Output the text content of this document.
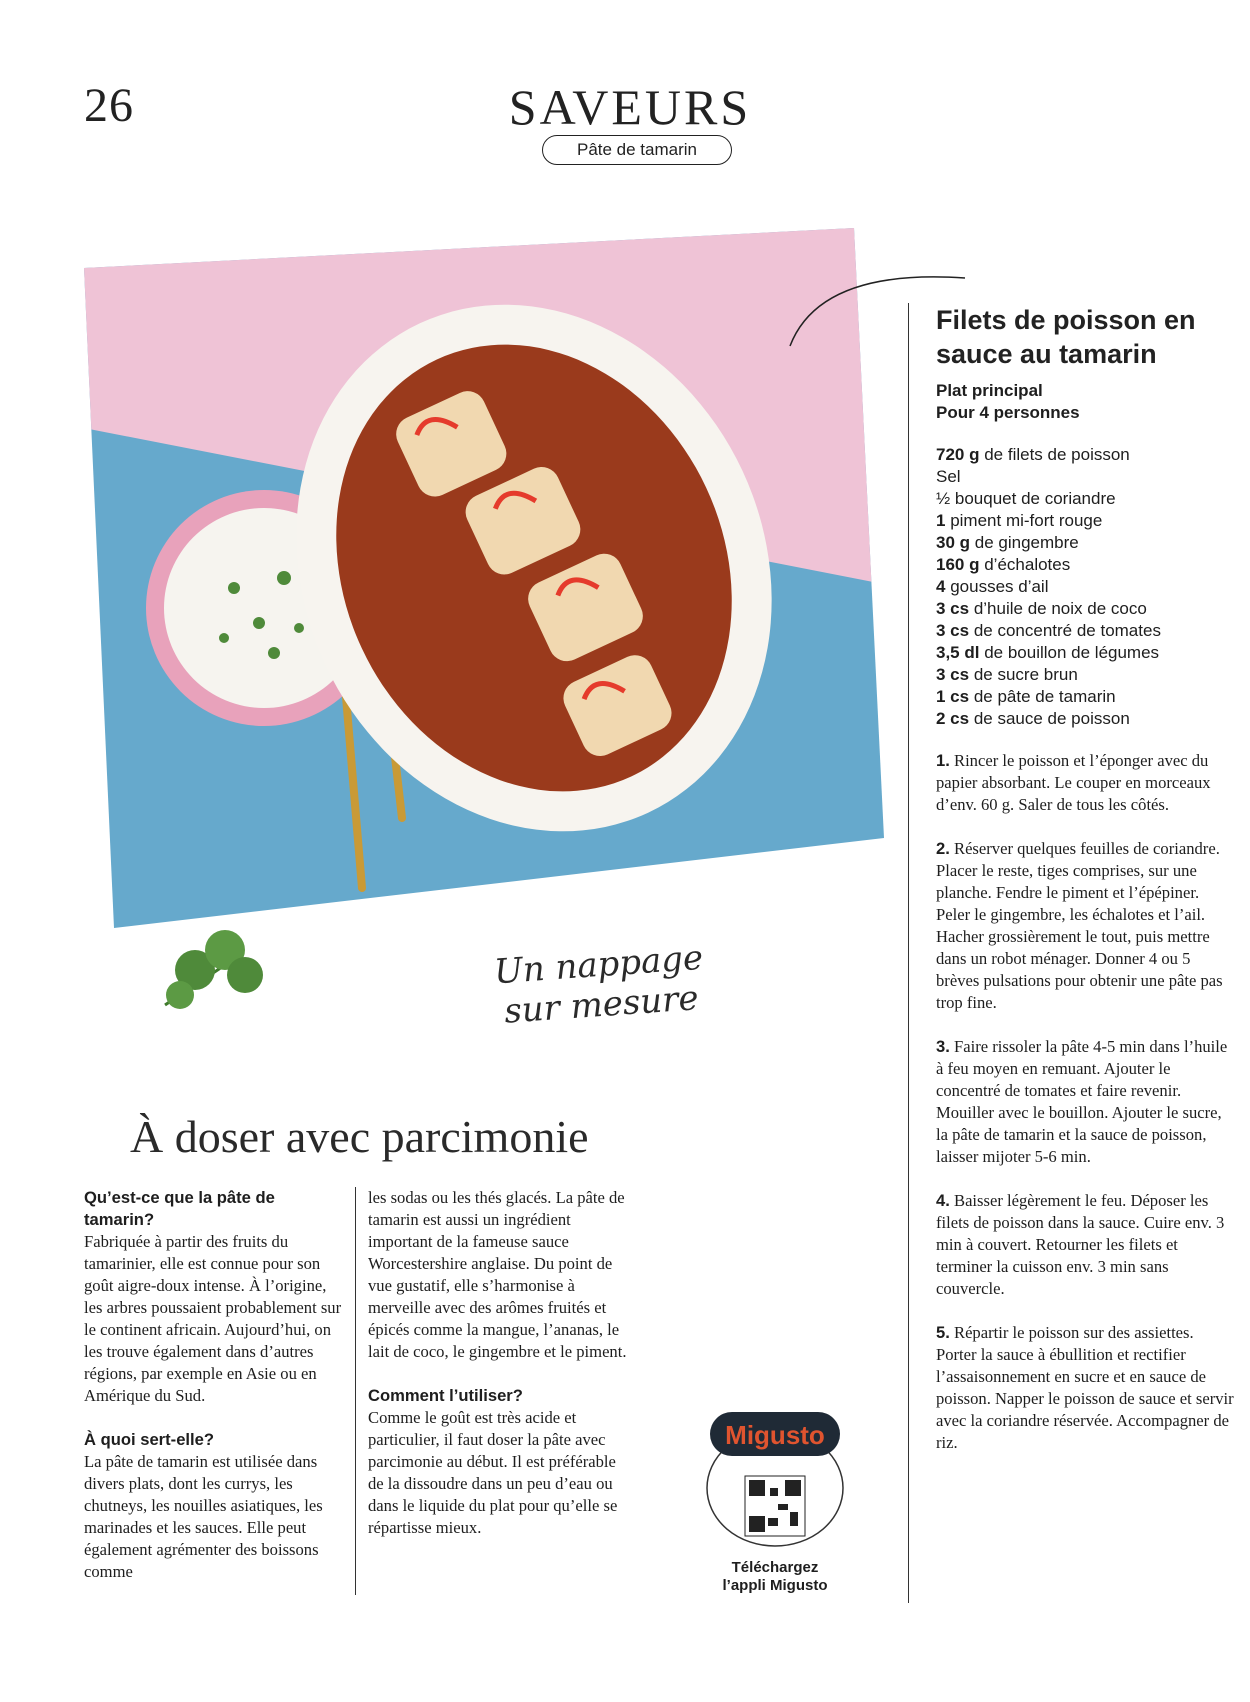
26	SAVEURS
Pâte de tamarin
Un nappage
sur mesure
Filets de poisson en sauce au tamarin
Plat principal
Pour 4 personnes
720 g de filets de poisson
Sel
½ bouquet de coriandre
1 piment mi-fort rouge
30 g de gingembre
160 g d’échalotes
4 gousses d’ail
3 cs d’huile de noix de coco
3 cs de concentré de tomates
3,5 dl de bouillon de légumes
3 cs de sucre brun
1 cs de pâte de tamarin
2 cs de sauce de poisson

1. Rincer le poisson et l’éponger avec du papier absorbant. Le couper en morceaux d’env. 60 g. Saler de tous les côtés.

2. Réserver quelques feuilles de coriandre. Placer le reste, tiges comprises, sur une planche. Fendre le piment et l’épépiner. Peler le gingembre, les échalotes et l’ail. Hacher grossièrement le tout, puis mettre dans un robot ménager. Donner 4 ou 5 brèves pulsations pour obtenir une pâte pas trop fine.

3. Faire rissoler la pâte 4-5 min dans l’huile à feu moyen en remuant. Ajouter le concentré de tomates et faire revenir. Mouiller avec le bouillon. Ajouter le sucre, la pâte de tamarin et la sauce de poisson, laisser mijoter 5-6 min.

4. Baisser légèrement le feu. Déposer les filets de poisson dans la sauce. Cuire env. 3 min à couvert. Retourner les filets et terminer la cuisson env. 3 min sans couvercle.

5. Répartir le poisson sur des assiettes. Porter la sauce à ébullition et rectifier l’assaisonnement en sucre et en sauce de poisson. Napper le poisson de sauce et servir avec la coriandre réservée. Accompagner de riz.

À doser avec parcimonie
Qu’est-ce que la pâte de tamarin?

Fabriquée à partir des fruits du tamarinier, elle est connue pour son goût aigre-doux intense. À l’origine, les arbres poussaient probablement sur le continent africain. Aujourd’hui, on les trouve également dans d’autres régions, par exemple en Asie ou en Amérique du Sud.

À quoi sert-elle?

La pâte de tamarin est utilisée dans divers plats, dont les currys, les chutneys, les nouilles asiatiques, les marinades et les sauces. Elle peut également agrémenter des boissons comme

les sodas ou les thés glacés. La pâte de tamarin est aussi un ingrédient important de la fameuse sauce Worcestershire anglaise. Du point de vue gustatif, elle s’harmonise à merveille avec des arômes fruités et épicés comme la mangue, l’ananas, le lait de coco, le gingembre et le piment.

Comment l’utiliser?

Comme le goût est très acide et particulier, il faut doser la pâte avec parcimonie au début. Il est préférable de la dissoudre dans un peu d’eau ou dans le liquide du plat pour qu’elle se répartisse mieux.

Migusto
Téléchargez
l’appli Migusto
